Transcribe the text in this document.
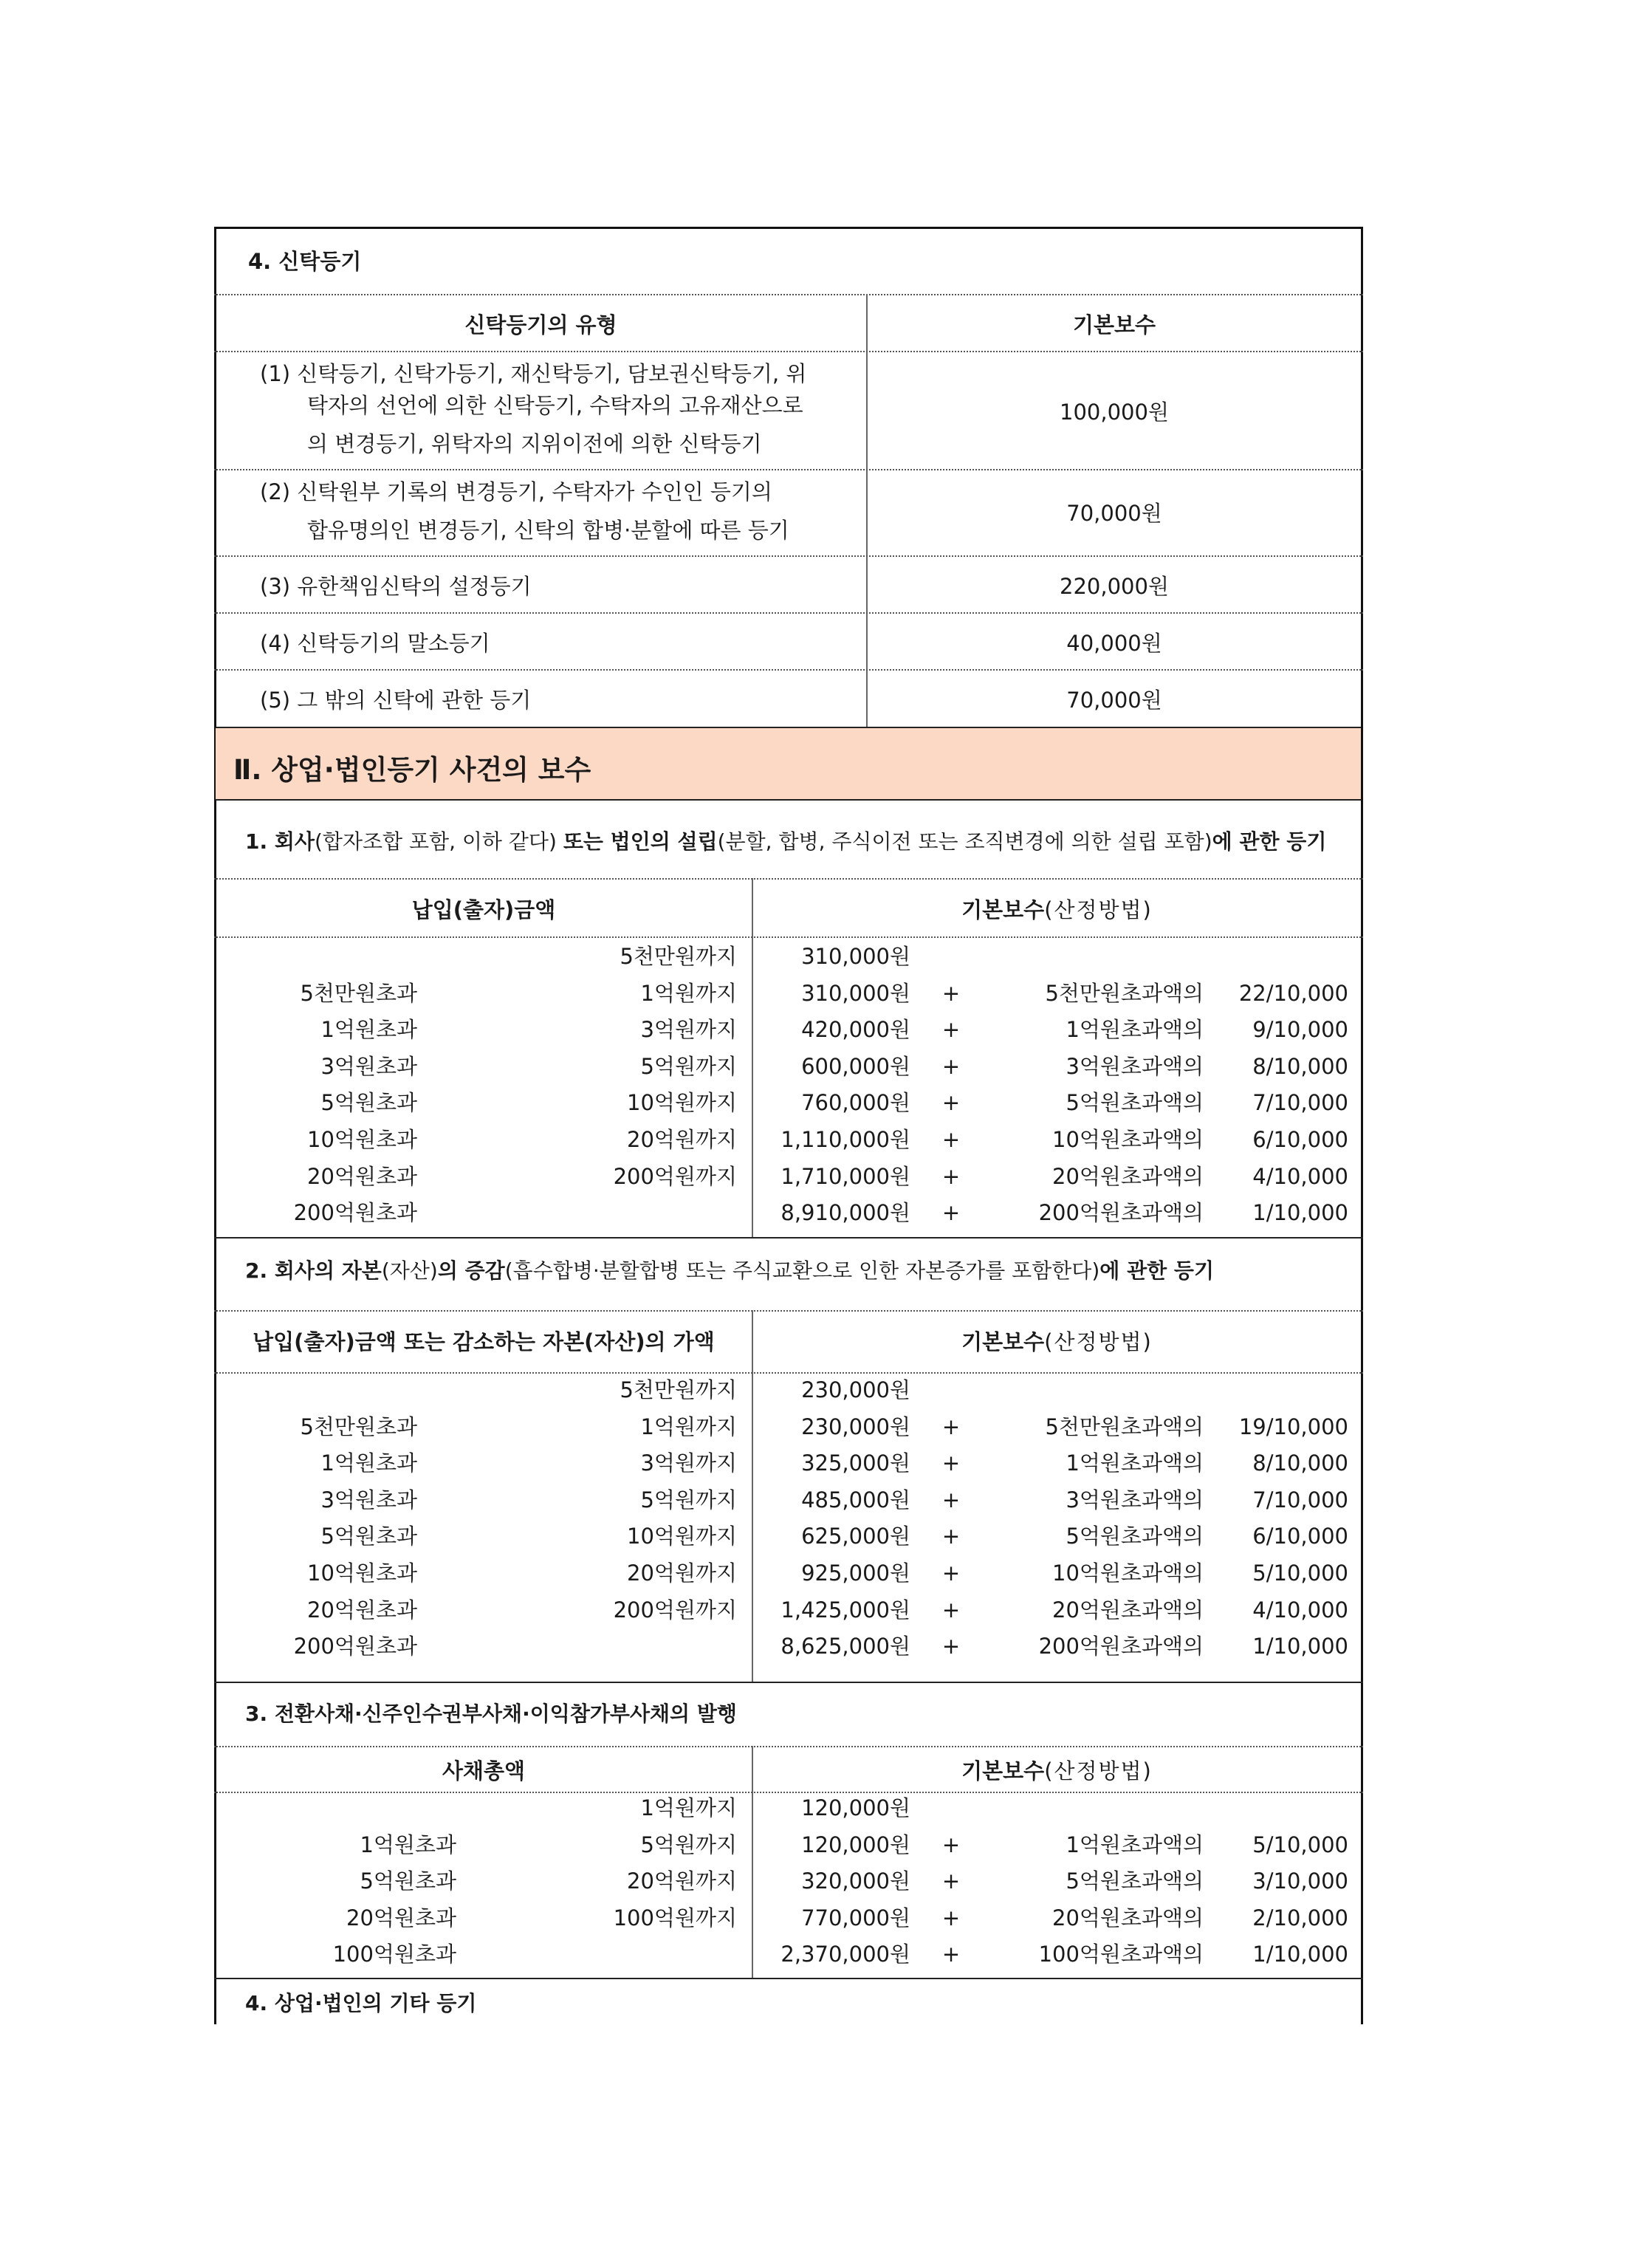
4. 신탁등기
신탁등기의 유형	기본보수
(1) 신탁등기, 신탁가등기, 재신탁등기, 담보권신탁등기, 위
탁자의 선언에 의한 신탁등기, 수탁자의 고유재산으로
의 변경등기, 위탁자의 지위이전에 의한 신탁등기
100,000원
(2) 신탁원부 기록의 변경등기, 수탁자가 수인인 등기의
합유명의인 변경등기, 신탁의 합병·분할에 따른 등기
70,000원
(3) 유한책임신탁의 설정등기	220,000원
(4) 신탁등기의 말소등기	40,000원
(5) 그 밖의 신탁에 관한 등기	70,000원
Ⅱ. 상업·법인등기 사건의 보수
1. 회사(합자조합 포함, 이하 같다) 또는 법인의 설립(분할, 합병, 주식이전 또는 조직변경에 의한 설립 포함)에 관한 등기
납입(출자)금액	기본보수(산정방법)
5천만원까지	310,000원
5천만원초과	1억원까지	310,000원 +	5천만원초과액의 22/10,000
1억원초과	3억원까지	420,000원 +	1억원초과액의 9/10,000
3억원초과	5억원까지	600,000원 +	3억원초과액의 8/10,000
5억원초과	10억원까지	760,000원 +	5억원초과액의 7/10,000
10억원초과	20억원까지 1,110,000원 +	10억원초과액의 6/10,000
20억원초과	200억원까지 1,710,000원 +	20억원초과액의 4/10,000
200억원초과	8,910,000원 +	200억원초과액의 1/10,000
2. 회사의 자본(자산)의 증감(흡수합병·분할합병 또는 주식교환으로 인한 자본증가를 포함한다)에 관한 등기
납입(출자)금액 또는 감소하는 자본(자산)의 가액	기본보수(산정방법)
5천만원까지	230,000원
5천만원초과	1억원까지	230,000원 +	5천만원초과액의 19/10,000
1억원초과	3억원까지	325,000원 +	1억원초과액의 8/10,000
3억원초과	5억원까지	485,000원 +	3억원초과액의 7/10,000
5억원초과	10억원까지	625,000원 +	5억원초과액의 6/10,000
10억원초과	20억원까지	925,000원 +	10억원초과액의 5/10,000
20억원초과	200억원까지 1,425,000원 +	20억원초과액의 4/10,000
200억원초과	8,625,000원 +	200억원초과액의 1/10,000
3. 전환사채·신주인수권부사채·이익참가부사채의 발행
사채총액	기본보수(산정방법)
1억원까지	120,000원
1억원초과	5억원까지	120,000원 +	1억원초과액의 5/10,000
5억원초과	20억원까지	320,000원 +	5억원초과액의 3/10,000
20억원초과	100억원까지	770,000원 +	20억원초과액의 2/10,000
100억원초과	2,370,000원 +	100억원초과액의 1/10,000
4. 상업·법인의 기타 등기
